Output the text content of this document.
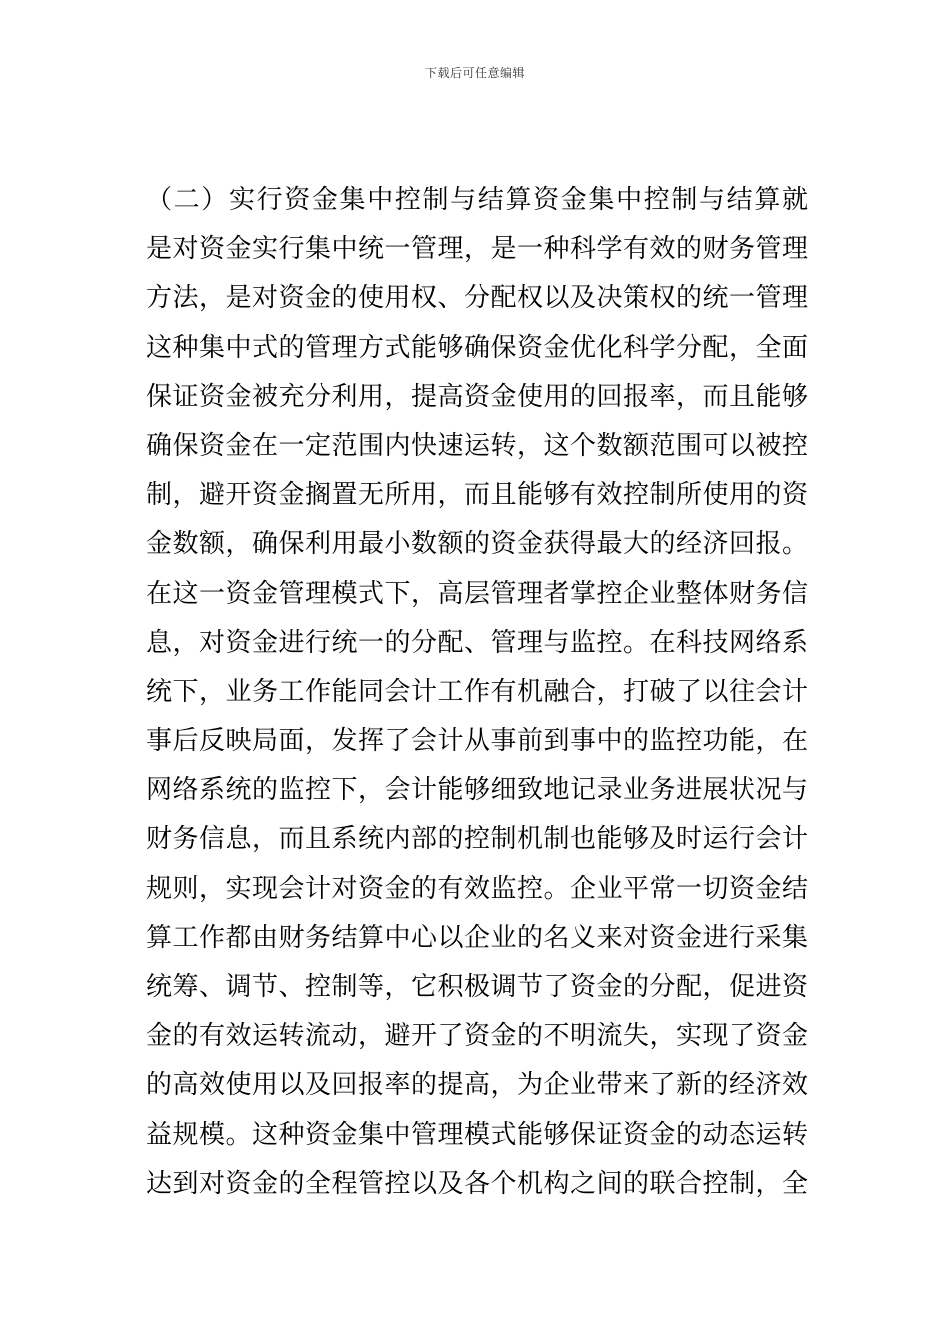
下载后可任意编辑
（二）实行资金集中控制与结算资金集中控制与结算就
是对资金实行集中统一管理，是一种科学有效的财务管理
方法，是对资金的使用权、分配权以及决策权的统一管理
这种集中式的管理方式能够确保资金优化科学分配，全面
保证资金被充分利用，提高资金使用的回报率，而且能够
确保资金在一定范围内快速运转，这个数额范围可以被控
制，避开资金搁置无所用，而且能够有效控制所使用的资
金数额，确保利用最小数额的资金获得最大的经济回报。
在这一资金管理模式下，高层管理者掌控企业整体财务信
息，对资金进行统一的分配、管理与监控。在科技网络系
统下，业务工作能同会计工作有机融合，打破了以往会计
事后反映局面，发挥了会计从事前到事中的监控功能，在
网络系统的监控下，会计能够细致地记录业务进展状况与
财务信息，而且系统内部的控制机制也能够及时运行会计
规则，实现会计对资金的有效监控。企业平常一切资金结
算工作都由财务结算中心以企业的名义来对资金进行采集
统筹、调节、控制等，它积极调节了资金的分配，促进资
金的有效运转流动，避开了资金的不明流失，实现了资金
的高效使用以及回报率的提高，为企业带来了新的经济效
益规模。这种资金集中管理模式能够保证资金的动态运转
达到对资金的全程管控以及各个机构之间的联合控制，全
